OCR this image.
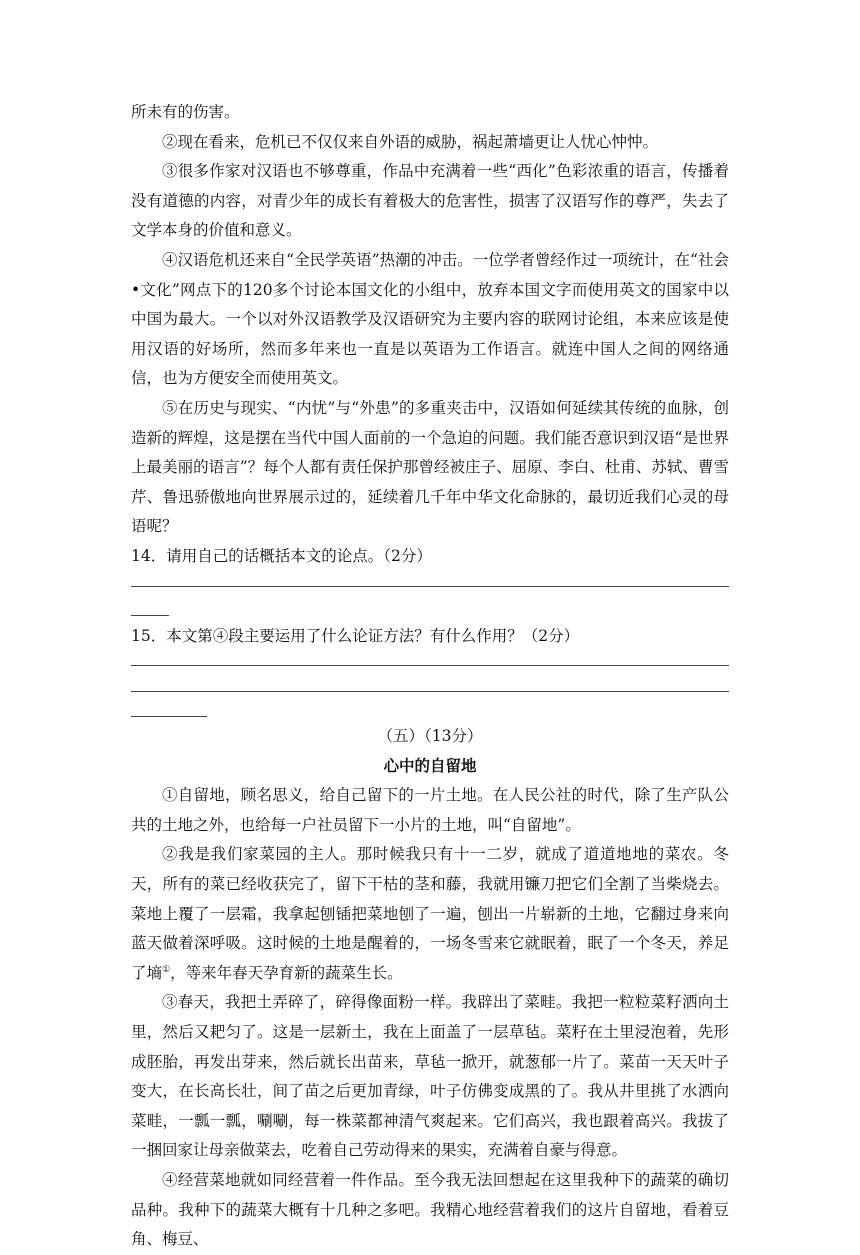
所未有的伤害。

②现在看来，危机已不仅仅来自外语的威胁，祸起萧墙更让人忧心忡忡。

③很多作家对汉语也不够尊重，作品中充满着一些“西化”色彩浓重的语言，传播着没有道德的内容，对青少年的成长有着极大的危害性，损害了汉语写作的尊严，失去了文学本身的价值和意义。

④汉语危机还来自“全民学英语”热潮的冲击。一位学者曾经作过一项统计，在“社会•文化”网点下的120多个讨论本国文化的小组中，放弃本国文字而使用英文的国家中以中国为最大。一个以对外汉语教学及汉语研究为主要内容的联网讨论组，本来应该是使用汉语的好场所，然而多年来也一直是以英语为工作语言。就连中国人之间的网络通信，也为方便安全而使用英文。

⑤在历史与现实、“内忧”与“外患”的多重夹击中，汉语如何延续其传统的血脉，创造新的辉煌，这是摆在当代中国人面前的一个急迫的问题。我们能否意识到汉语“是世界上最美丽的语言”？每个人都有责任保护那曾经被庄子、屈原、李白、杜甫、苏轼、曹雪芹、鲁迅骄傲地向世界展示过的，延续着几千年中华文化命脉的，最切近我们心灵的母语呢？

14．请用自己的话概括本文的论点。（2分）

15．本文第④段主要运用了什么论证方法？有什么作用？（2分）

（五）（13分）

心中的自留地

①自留地，顾名思义，给自己留下的一片土地。在人民公社的时代，除了生产队公共的土地之外，也给每一户社员留下一小片的土地，叫“自留地”。

②我是我们家菜园的主人。那时候我只有十一二岁，就成了道道地地的菜农。冬天，所有的菜已经收获完了，留下干枯的茎和藤，我就用镰刀把它们全割了当柴烧去。菜地上覆了一层霜，我拿起刨锸把菜地刨了一遍，刨出一片崭新的土地，它翻过身来向蓝天做着深呼吸。这时候的土地是醒着的，一场冬雪来它就眠着，眠了一个冬天，养足了墒①，等来年春天孕育新的蔬菜生长。

③春天，我把土弄碎了，碎得像面粉一样。我辟出了菜畦。我把一粒粒菜籽洒向土里，然后又耙匀了。这是一层新土，我在上面盖了一层草毡。菜籽在土里浸泡着，先形成胚胎，再发出芽来，然后就长出苗来，草毡一掀开，就葱郁一片了。菜苗一天天叶子变大，在长高长壮，间了苗之后更加青绿，叶子仿佛变成黑的了。我从井里挑了水洒向菜畦，一瓢一瓢，唰唰，每一株菜都神清气爽起来。它们高兴，我也跟着高兴。我拔了一捆回家让母亲做菜去，吃着自己劳动得来的果实，充满着自豪与得意。

④经营菜地就如同经营着一件作品。至今我无法回想起在这里我种下的蔬菜的确切品种。我种下的蔬菜大概有十几种之多吧。我精心地经营着我们的这片自留地，看着豆角、梅豆、
